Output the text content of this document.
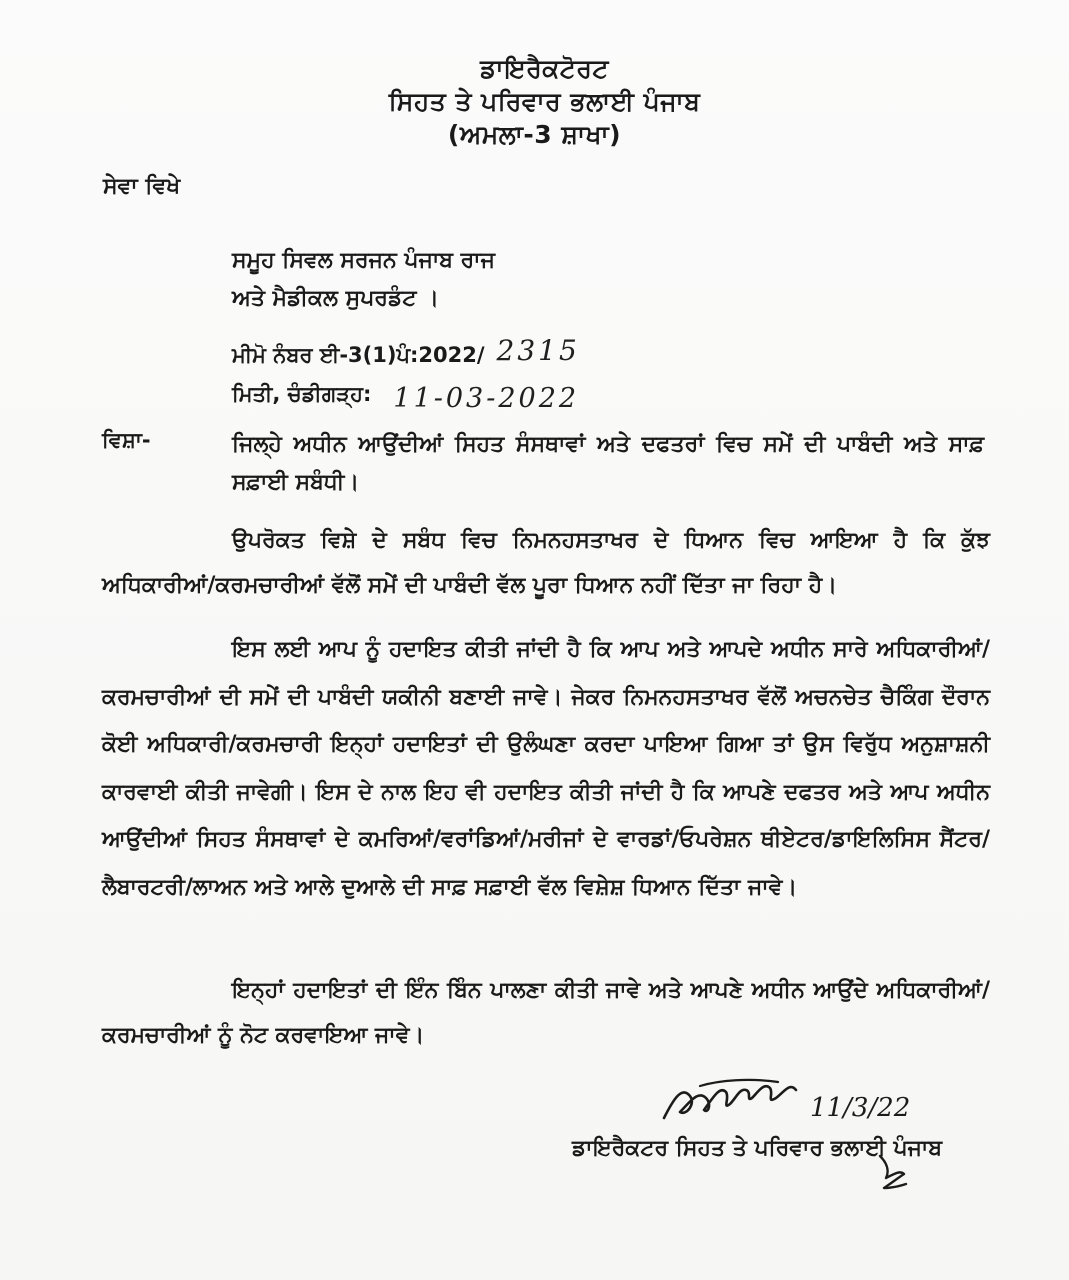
ਡਾਇਰੈਕਟੋਰਟ
ਸਿਹਤ ਤੇ ਪਰਿਵਾਰ ਭਲਾਈ ਪੰਜਾਬ
(ਅਮਲਾ-3 ਸ਼ਾਖਾ)
ਸੇਵਾ ਵਿਖੇ
ਸਮੂਹ ਸਿਵਲ ਸਰਜਨ ਪੰਜਾਬ ਰਾਜ
ਅਤੇ ਮੈਡੀਕਲ ਸੁਪਰਡੰਟ ।
ਮੀਮੋ ਨੰਬਰ ਈ-3(1)ਪੰ:2022/ 2315
ਮਿਤੀ, ਚੰਡੀਗੜ੍ਹ: 11-03-2022
ਵਿਸ਼ਾ-	ਜਿਲ੍ਹੇ ਅਧੀਨ ਆਉਂਦੀਆਂ ਸਿਹਤ ਸੰਸਥਾਵਾਂ ਅਤੇ ਦਫਤਰਾਂ ਵਿਚ ਸਮੇਂ ਦੀ ਪਾਬੰਦੀ ਅਤੇ ਸਾਫ਼ ਸਫ਼ਾਈ ਸਬੰਧੀ।
ਉਪਰੋਕਤ ਵਿਸ਼ੇ ਦੇ ਸਬੰਧ ਵਿਚ ਨਿਮਨਹਸਤਾਖਰ ਦੇ ਧਿਆਨ ਵਿਚ ਆਇਆ ਹੈ ਕਿ ਕੁੱਝ ਅਧਿਕਾਰੀਆਂ/ਕਰਮਚਾਰੀਆਂ ਵੱਲੋਂ ਸਮੇਂ ਦੀ ਪਾਬੰਦੀ ਵੱਲ ਪੂਰਾ ਧਿਆਨ ਨਹੀਂ ਦਿੱਤਾ ਜਾ ਰਿਹਾ ਹੈ।
ਇਸ ਲਈ ਆਪ ਨੂੰ ਹਦਾਇਤ ਕੀਤੀ ਜਾਂਦੀ ਹੈ ਕਿ ਆਪ ਅਤੇ ਆਪਦੇ ਅਧੀਨ ਸਾਰੇ ਅਧਿਕਾਰੀਆਂ/ਕਰਮਚਾਰੀਆਂ ਦੀ ਸਮੇਂ ਦੀ ਪਾਬੰਦੀ ਯਕੀਨੀ ਬਣਾਈ ਜਾਵੇ। ਜੇਕਰ ਨਿਮਨਹਸਤਾਖਰ ਵੱਲੋਂ ਅਚਨਚੇਤ ਚੈਕਿੰਗ ਦੌਰਾਨ ਕੋਈ ਅਧਿਕਾਰੀ/ਕਰਮਚਾਰੀ ਇਨ੍ਹਾਂ ਹਦਾਇਤਾਂ ਦੀ ਉਲੰਘਣਾ ਕਰਦਾ ਪਾਇਆ ਗਿਆ ਤਾਂ ਉਸ ਵਿਰੁੱਧ ਅਨੁਸ਼ਾਸ਼ਨੀ ਕਾਰਵਾਈ ਕੀਤੀ ਜਾਵੇਗੀ। ਇਸ ਦੇ ਨਾਲ ਇਹ ਵੀ ਹਦਾਇਤ ਕੀਤੀ ਜਾਂਦੀ ਹੈ ਕਿ ਆਪਣੇ ਦਫਤਰ ਅਤੇ ਆਪ ਅਧੀਨ ਆਉਂਦੀਆਂ ਸਿਹਤ ਸੰਸਥਾਵਾਂ ਦੇ ਕਮਰਿਆਂ/ਵਰਾਂਡਿਆਂ/ਮਰੀਜਾਂ ਦੇ ਵਾਰਡਾਂ/ਓਪਰੇਸ਼ਨ ਥੀਏਟਰ/ਡਾਇਲਿਸਿਸ ਸੈਂਟਰ/ਲੈਬਾਰਟਰੀ/ਲਾਅਨ ਅਤੇ ਆਲੇ ਦੁਆਲੇ ਦੀ ਸਾਫ਼ ਸਫ਼ਾਈ ਵੱਲ ਵਿਸ਼ੇਸ਼ ਧਿਆਨ ਦਿੱਤਾ ਜਾਵੇ।
ਇਨ੍ਹਾਂ ਹਦਾਇਤਾਂ ਦੀ ਇੰਨ ਬਿੰਨ ਪਾਲਣਾ ਕੀਤੀ ਜਾਵੇ ਅਤੇ ਆਪਣੇ ਅਧੀਨ ਆਉਂਦੇ ਅਧਿਕਾਰੀਆਂ/ਕਰਮਚਾਰੀਆਂ ਨੂੰ ਨੋਟ ਕਰਵਾਇਆ ਜਾਵੇ।
11/3/22
ਡਾਇਰੈਕਟਰ ਸਿਹਤ ਤੇ ਪਰਿਵਾਰ ਭਲਾਈ ਪੰਜਾਬ
